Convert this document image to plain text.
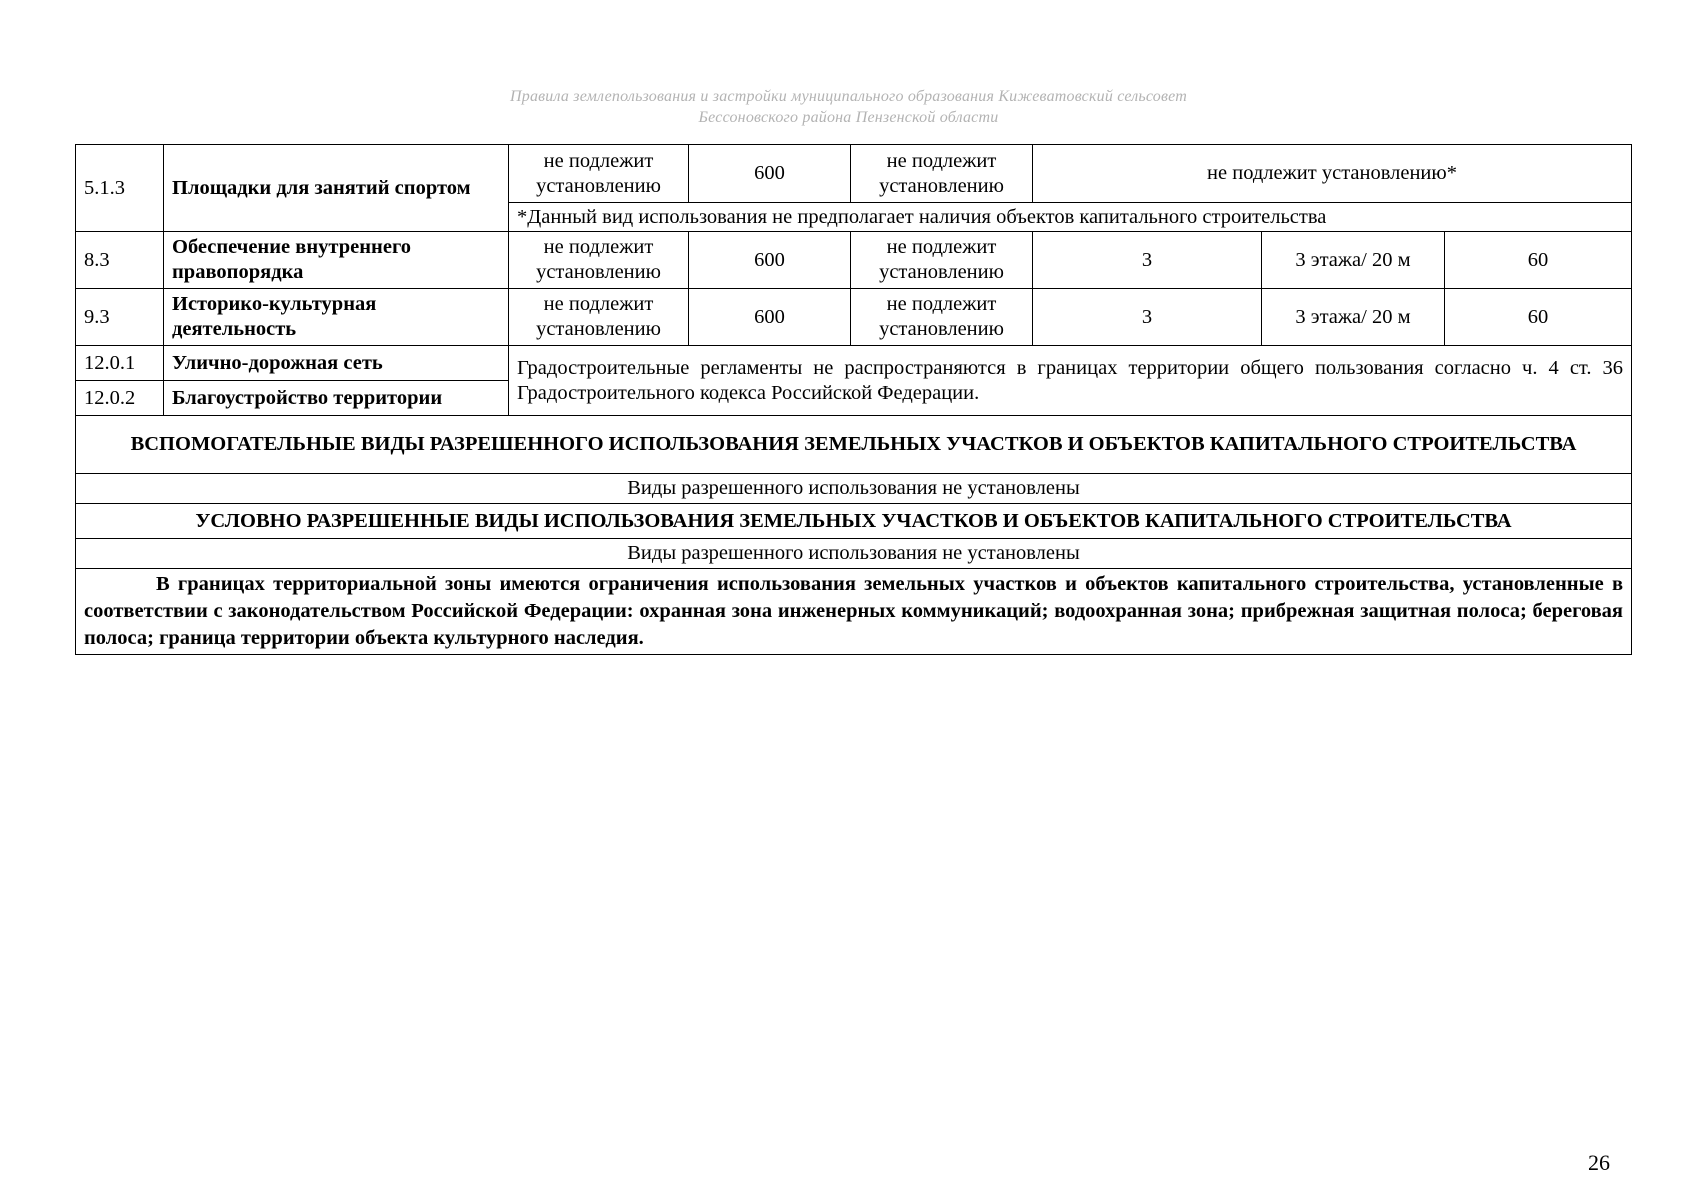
Правила землепользования и застройки муниципального образования Кижеватовский сельсовет
Бессоновского района Пензенской области
5.1.3	Площадки для занятий спортом	не подлежит установлению	600	не подлежит установлению	не подлежит установлению*		
		*Данный вид использования не предполагает наличия объектов капитального строительства					
8.3	Обеспечение внутреннего правопорядка	не подлежит установлению	600	не подлежит установлению	3	3 этажа/ 20 м	60
9.3	Историко-культурная деятельность	не подлежит установлению	600	не подлежит установлению	3	3 этажа/ 20 м	60
12.0.1	Улично-дорожная сеть	Градостроительные регламенты не распространяются в границах территории общего пользования согласно ч. 4 ст. 36 Градостроительного кодекса Российской Федерации.					
12.0.2	Благоустройство территории						
ВСПОМОГАТЕЛЬНЫЕ ВИДЫ РАЗРЕШЕННОГО ИСПОЛЬЗОВАНИЯ ЗЕМЕЛЬНЫХ УЧАСТКОВ И ОБЪЕКТОВ КАПИТАЛЬНОГО СТРОИТЕЛЬСТВА							
Виды разрешенного использования не установлены							
УСЛОВНО РАЗРЕШЕННЫЕ ВИДЫ ИСПОЛЬЗОВАНИЯ ЗЕМЕЛЬНЫХ УЧАСТКОВ И ОБЪЕКТОВ КАПИТАЛЬНОГО СТРОИТЕЛЬСТВА							
Виды разрешенного использования не установлены							
В границах территориальной зоны имеются ограничения использования земельных участков и объектов капитального строительства, установленные в соответствии с законодательством Российской Федерации: охранная зона инженерных коммуникаций; водоохранная зона; прибрежная защитная полоса; береговая полоса; граница территории объекта культурного наследия.							
26
